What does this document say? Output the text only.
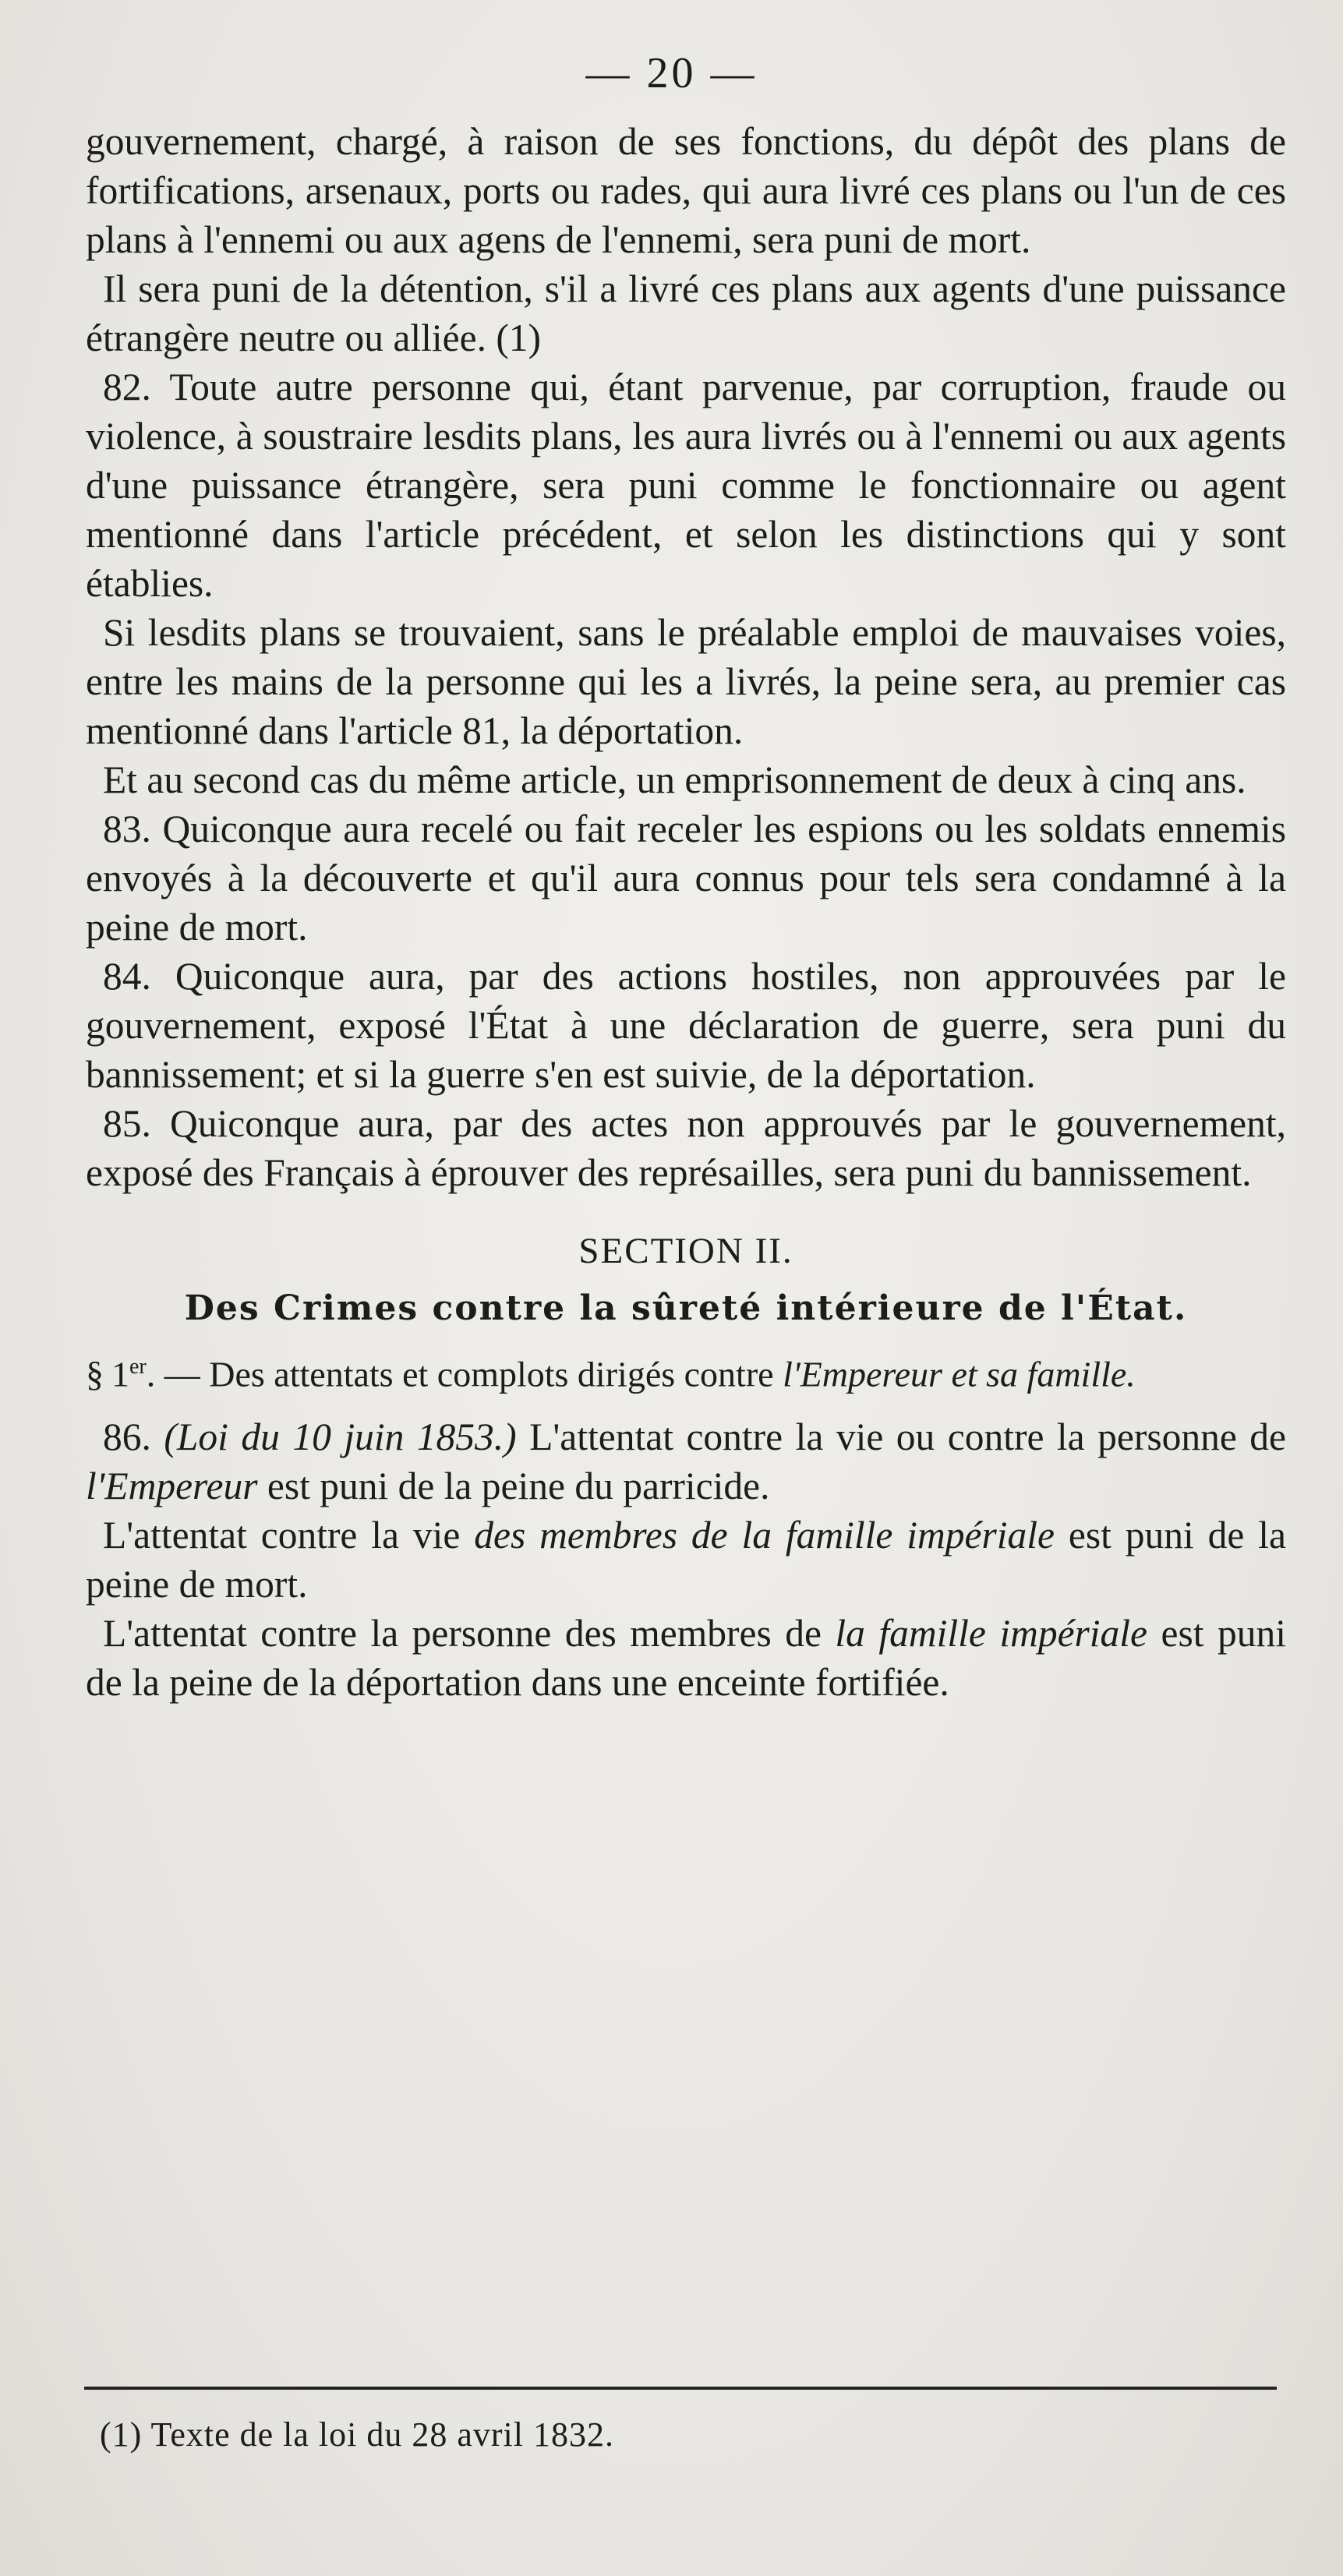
— 20 —

gouvernement, chargé, à raison de ses fonctions, du dépôt des plans de fortifications, arsenaux, ports ou rades, qui aura livré ces plans ou l'un de ces plans à l'ennemi ou aux agens de l'ennemi, sera puni de mort.

Il sera puni de la détention, s'il a livré ces plans aux agents d'une puissance étrangère neutre ou alliée. (1)

82. Toute autre personne qui, étant parvenue, par corruption, fraude ou violence, à soustraire lesdits plans, les aura livrés ou à l'ennemi ou aux agents d'une puissance étrangère, sera puni comme le fonctionnaire ou agent mentionné dans l'article précédent, et selon les distinctions qui y sont établies.

Si lesdits plans se trouvaient, sans le préalable emploi de mauvaises voies, entre les mains de la personne qui les a livrés, la peine sera, au premier cas mentionné dans l'article 81, la déportation.

Et au second cas du même article, un emprisonnement de deux à cinq ans.

83. Quiconque aura recelé ou fait receler les espions ou les soldats ennemis envoyés à la découverte et qu'il aura connus pour tels sera condamné à la peine de mort.

84. Quiconque aura, par des actions hostiles, non approuvées par le gouvernement, exposé l'État à une déclaration de guerre, sera puni du bannissement; et si la guerre s'en est suivie, de la déportation.

85. Quiconque aura, par des actes non approuvés par le gouvernement, exposé des Français à éprouver des représailles, sera puni du bannissement.

SECTION II.
Des Crimes contre la sûreté intérieure de l'État.
§ 1er. — Des attentats et complots dirigés contre l'Empereur et sa famille.

86. (Loi du 10 juin 1853.) L'attentat contre la vie ou contre la personne de l'Empereur est puni de la peine du parricide.

L'attentat contre la vie des membres de la famille impériale est puni de la peine de mort.

L'attentat contre la personne des membres de la famille impériale est puni de la peine de la déportation dans une enceinte fortifiée.

(1) Texte de la loi du 28 avril 1832.
